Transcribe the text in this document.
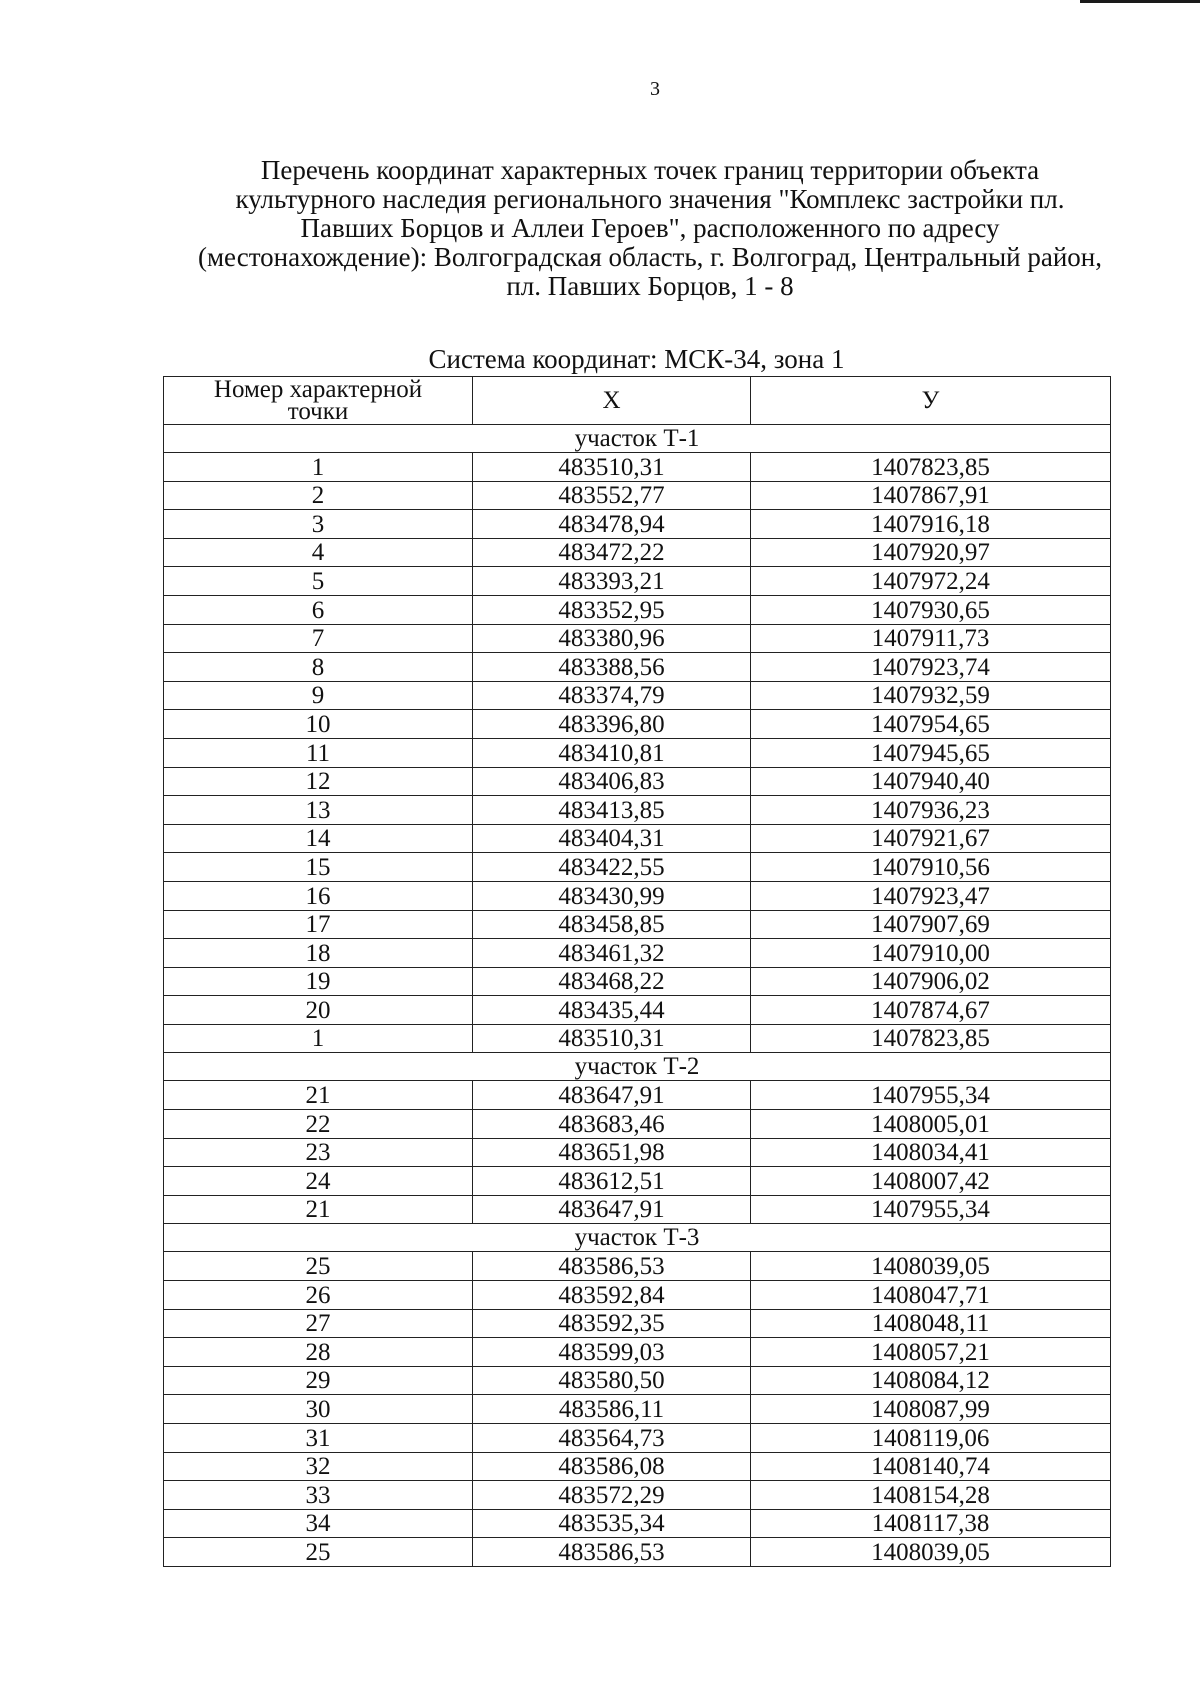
3
Перечень координат характерных точек границ территории объекта
культурного наследия регионального значения "Комплекс застройки пл.
Павших Борцов и Аллеи Героев", расположенного по адресу
(местонахождение): Волгоградская область, г. Волгоград, Центральный район,
пл. Павших Борцов, 1 - 8
Система координат: МСК-34, зона 1
Номер характерной
точки	X	У
участок Т-1		
1	483510,31	1407823,85
2	483552,77	1407867,91
3	483478,94	1407916,18
4	483472,22	1407920,97
5	483393,21	1407972,24
6	483352,95	1407930,65
7	483380,96	1407911,73
8	483388,56	1407923,74
9	483374,79	1407932,59
10	483396,80	1407954,65
11	483410,81	1407945,65
12	483406,83	1407940,40
13	483413,85	1407936,23
14	483404,31	1407921,67
15	483422,55	1407910,56
16	483430,99	1407923,47
17	483458,85	1407907,69
18	483461,32	1407910,00
19	483468,22	1407906,02
20	483435,44	1407874,67
1	483510,31	1407823,85
участок Т-2		
21	483647,91	1407955,34
22	483683,46	1408005,01
23	483651,98	1408034,41
24	483612,51	1408007,42
21	483647,91	1407955,34
участок Т-3		
25	483586,53	1408039,05
26	483592,84	1408047,71
27	483592,35	1408048,11
28	483599,03	1408057,21
29	483580,50	1408084,12
30	483586,11	1408087,99
31	483564,73	1408119,06
32	483586,08	1408140,74
33	483572,29	1408154,28
34	483535,34	1408117,38
25	483586,53	1408039,05
